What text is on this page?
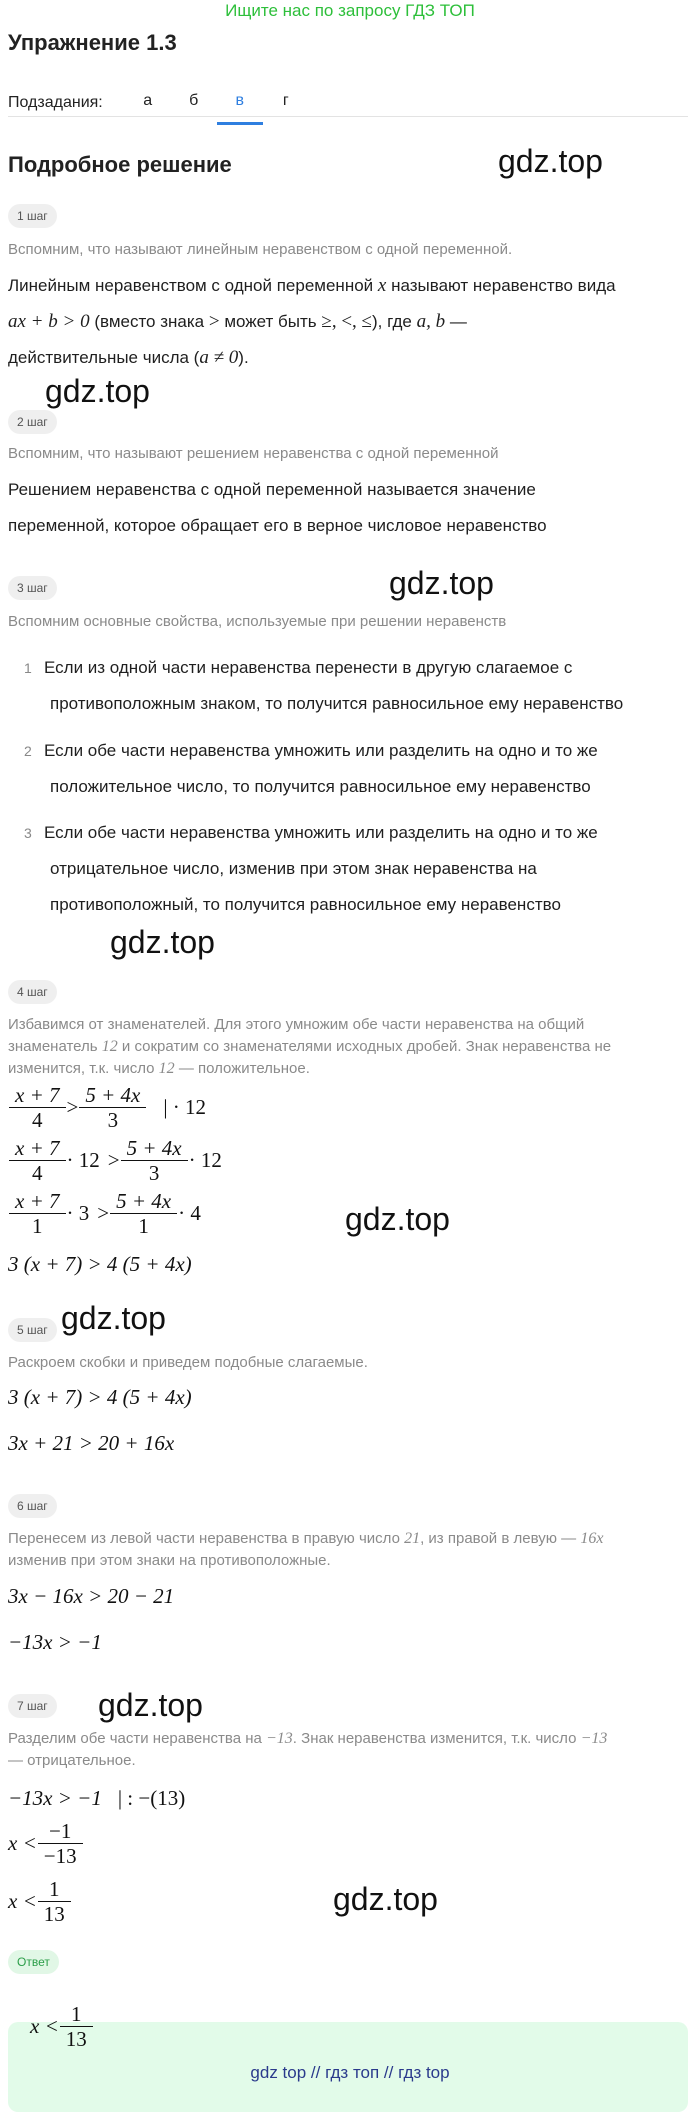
Ищите нас по запросу ГДЗ ТОП
Упражнение 1.3
Подзадания:	а	б	в	г
Подробное решение	gdz.top
gdz.top
gdz.top
gdz.top
gdz.top
gdz.top
gdz.top
gdz.top
1 шаг
Вспомним, что называют линейным неравенством с одной переменной.
Линейным неравенством с одной переменной x называют неравенство вида
ax + b > 0 (вместо знака > может быть ≥, <, ≤), где a, b —
действительные числа (a ≠ 0).
2 шаг
Вспомним, что называют решением неравенства с одной переменной
Решением неравенства с одной переменной называется значение
переменной, которое обращает его в верное числовое неравенство
3 шаг
Вспомним основные свойства, используемые при решении неравенств
1 Если из одной части неравенства перенести в другую слагаемое с
противоположным знаком, то получится равносильное ему неравенство
2 Если обе части неравенства умножить или разделить на одно и то же
положительное число, то получится равносильное ему неравенство
3 Если обе части неравенства умножить или разделить на одно и то же
отрицательное число, изменив при этом знак неравенства на
противоположный, то получится равносильное ему неравенство
4 шаг
Избавимся от знаменателей. Для этого умножим обе части неравенства на общий
знаменатель 12 и сократим со знаменателями исходных дробей. Знак неравенства не
изменится, т.к. число 12 — положительное.
$\frac{x + 7}{4} > \frac{5 + 4x}{3}$ | · 12
$\frac{x + 7}{4} \cdot 12 > \frac{5 + 4x}{3} \cdot 12$
$\frac{x + 7}{1} \cdot 3 > \frac{5 + 4x}{1} \cdot 4$
3 (x + 7) > 4 (5 + 4x)
5 шаг
Раскроем скобки и приведем подобные слагаемые.
3 (x + 7) > 4 (5 + 4x)
3x + 21 > 20 + 16x
6 шаг
Перенесем из левой части неравенства в правую число 21, из правой в левую — 16x
изменив при этом знаки на противоположные.
3x − 16x > 20 − 21
−13x > −1
7 шаг
Разделим обе части неравенства на −13. Знак неравенства изменится, т.к. число −13
— отрицательное.
−13x > −1 | : −(13)
$x < \frac{-1}{-13}$
$x < \frac{1}{13}$
Ответ
$x < \frac{1}{13}$
gdz top // гдз топ // гдз top
